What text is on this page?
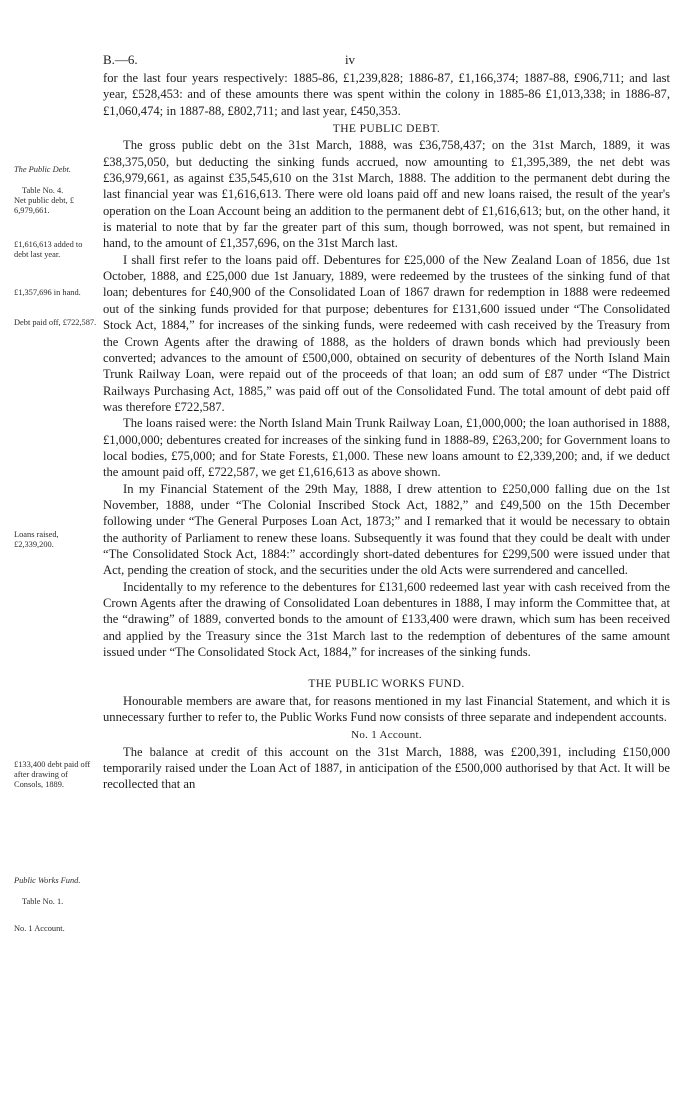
B.—6.	iv
The Public Debt.
Table No. 4.
Net public debt, £ 6,979,661.
£1,616,613 added to debt last year.
£1,357,696 in hand.
Debt paid off, £722,587.
Loans raised, £2,339,200.
£133,400 debt paid off after drawing of Consols, 1889.
Public Works Fund.
Table No. 1.
No. 1 Account.

for the last four years respectively: 1885-86, £1,239,828; 1886-87, £1,166,374; 1887-88, £906,711; and last year, £528,453: and of these amounts there was spent within the colony in 1885-86 £1,013,338; in 1886-87, £1,060,474; in 1887-88, £802,711; and last year, £450,353.

THE PUBLIC DEBT.

The gross public debt on the 31st March, 1888, was £36,758,437; on the 31st March, 1889, it was £38,375,050, but deducting the sinking funds accrued, now amounting to £1,395,389, the net debt was £36,979,661, as against £35,545,610 on the 31st March, 1888. The addition to the permanent debt during the last financial year was £1,616,613. There were old loans paid off and new loans raised, the result of the year's operation on the Loan Account being an addition to the permanent debt of £1,616,613; but, on the other hand, it is material to note that by far the greater part of this sum, though borrowed, was not spent, but remained in hand, to the amount of £1,357,696, on the 31st March last.

I shall first refer to the loans paid off. Debentures for £25,000 of the New Zealand Loan of 1856, due 1st October, 1888, and £25,000 due 1st January, 1889, were redeemed by the trustees of the sinking fund of that loan; debentures for £40,900 of the Consolidated Loan of 1867 drawn for redemption in 1888 were redeemed out of the sinking funds provided for that purpose; debentures for £131,600 issued under “The Consolidated Stock Act, 1884,” for increases of the sinking funds, were redeemed with cash received by the Treasury from the Crown Agents after the drawing of 1888, as the holders of drawn bonds which had previously been converted; advances to the amount of £500,000, obtained on security of debentures of the North Island Main Trunk Railway Loan, were repaid out of the proceeds of that loan; an odd sum of £87 under “The District Railways Purchasing Act, 1885,” was paid off out of the Consolidated Fund. The total amount of debt paid off was therefore £722,587.

The loans raised were: the North Island Main Trunk Railway Loan, £1,000,000; the loan authorised in 1888, £1,000,000; debentures created for increases of the sinking fund in 1888-89, £263,200; for Government loans to local bodies, £75,000; and for State Forests, £1,000. These new loans amount to £2,339,200; and, if we deduct the amount paid off, £722,587, we get £1,616,613 as above shown.

In my Financial Statement of the 29th May, 1888, I drew attention to £250,000 falling due on the 1st November, 1888, under “The Colonial Inscribed Stock Act, 1882,” and £49,500 on the 15th December following under “The General Purposes Loan Act, 1873;” and I remarked that it would be necessary to obtain the authority of Parliament to renew these loans. Subsequently it was found that they could be dealt with under “The Consolidated Stock Act, 1884:” accordingly short-dated debentures for £299,500 were issued under that Act, pending the creation of stock, and the securities under the old Acts were surrendered and cancelled.

Incidentally to my reference to the debentures for £131,600 redeemed last year with cash received from the Crown Agents after the drawing of Consolidated Loan debentures in 1888, I may inform the Committee that, at the “drawing” of 1889, converted bonds to the amount of £133,400 were drawn, which sum has been received and applied by the Treasury since the 31st March last to the redemption of debentures of the same amount issued under “The Consolidated Stock Act, 1884,” for increases of the sinking funds.

THE PUBLIC WORKS FUND.

Honourable members are aware that, for reasons mentioned in my last Financial Statement, and which it is unnecessary further to refer to, the Public Works Fund now consists of three separate and independent accounts.

No. 1 Account.

The balance at credit of this account on the 31st March, 1888, was £200,391, including £150,000 temporarily raised under the Loan Act of 1887, in anticipation of the £500,000 authorised by that Act. It will be recollected that an
